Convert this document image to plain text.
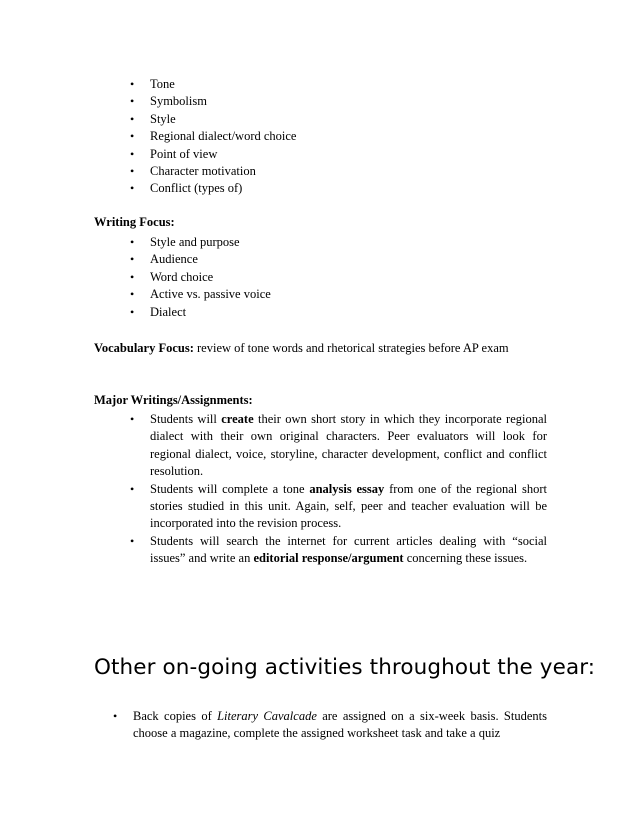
• Tone
• Symbolism
• Style
• Regional dialect/word choice
• Point of view
• Character motivation
• Conflict (types of)
Writing Focus:
• Style and purpose
• Audience
• Word choice
• Active vs. passive voice
• Dialect
Vocabulary Focus: review of tone words and rhetorical strategies before AP exam
Major Writings/Assignments:
• Students will create their own short story in which they incorporate regional dialect with their own original characters. Peer evaluators will look for regional dialect, voice, storyline, character development, conflict and conflict resolution.
• Students will complete a tone analysis essay from one of the regional short stories studied in this unit. Again, self, peer and teacher evaluation will be incorporated into the revision process.
• Students will search the internet for current articles dealing with “social issues” and write an editorial response/argument concerning these issues.
Other on-going activities throughout the year:
• Back copies of Literary Cavalcade are assigned on a six-week basis. Students choose a magazine, complete the assigned worksheet task and take a quiz
